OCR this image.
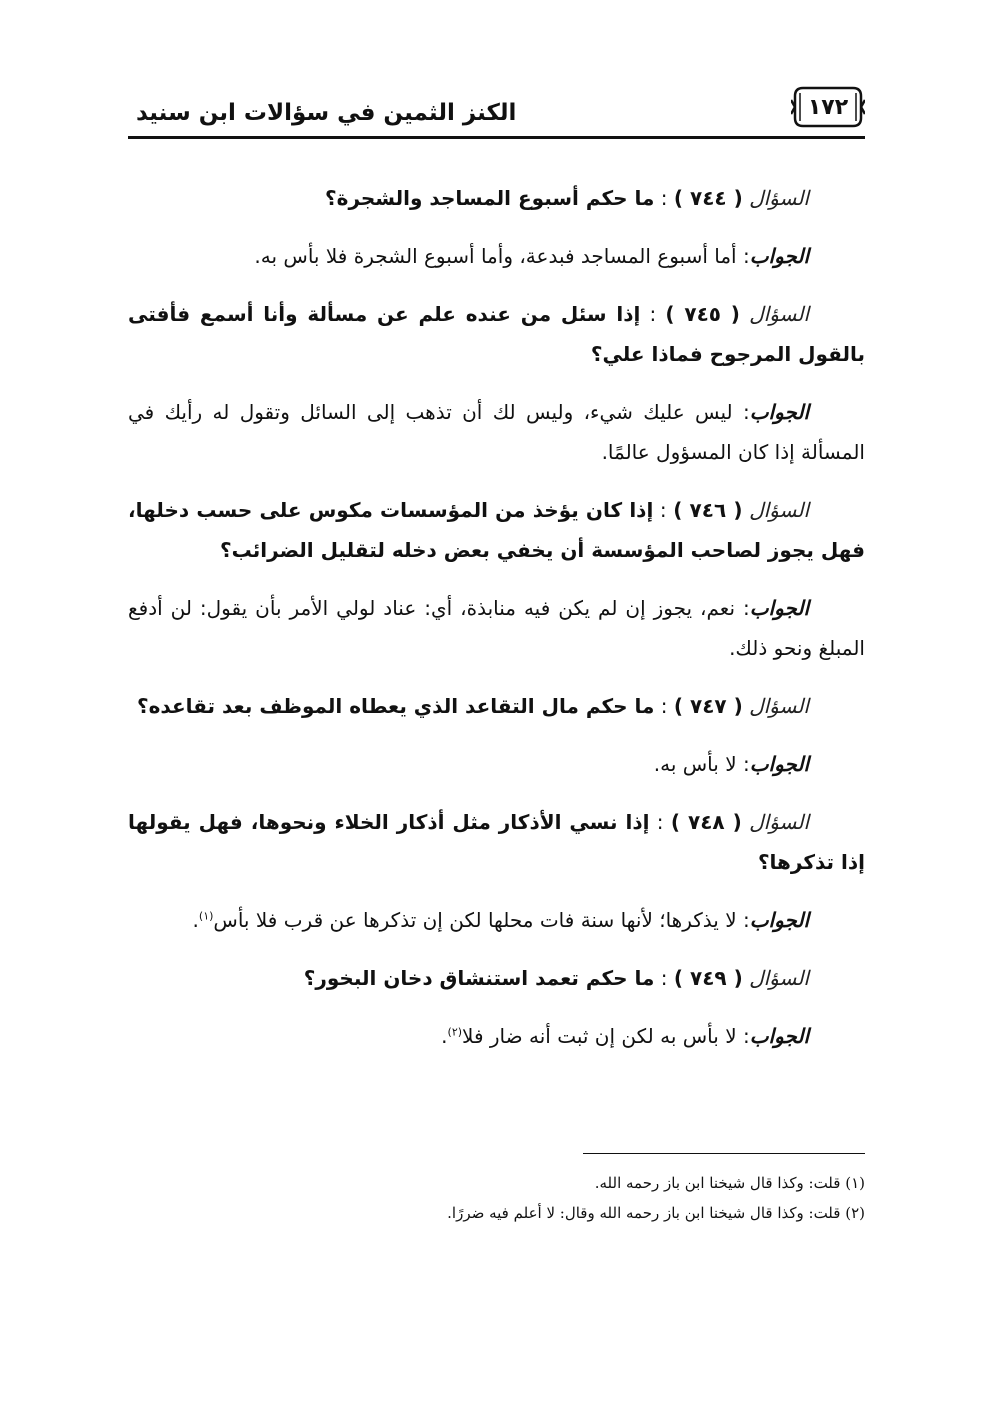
١٧٢
الكنز الثمين في سؤالات ابن سنيد

السؤال ( ٧٤٤ ) : ما حكم أسبوع المساجد والشجرة؟

الجواب: أما أسبوع المساجد فبدعة، وأما أسبوع الشجرة فلا بأس به.

السؤال ( ٧٤٥ ) : إذا سئل من عنده علم عن مسألة وأنا أسمع فأفتى بالقول المرجوح فماذا علي؟

الجواب: ليس عليك شيء، وليس لك أن تذهب إلى السائل وتقول له رأيك في المسألة إذا كان المسؤول عالمًا.

السؤال ( ٧٤٦ ) : إذا كان يؤخذ من المؤسسات مكوس على حسب دخلها، فهل يجوز لصاحب المؤسسة أن يخفي بعض دخله لتقليل الضرائب؟

الجواب: نعم، يجوز إن لم يكن فيه منابذة، أي: عناد لولي الأمر بأن يقول: لن أدفع المبلغ ونحو ذلك.

السؤال ( ٧٤٧ ) : ما حكم مال التقاعد الذي يعطاه الموظف بعد تقاعده؟

الجواب: لا بأس به.

السؤال ( ٧٤٨ ) : إذا نسي الأذكار مثل أذكار الخلاء ونحوها، فهل يقولها إذا تذكرها؟

الجواب: لا يذكرها؛ لأنها سنة فات محلها لكن إن تذكرها عن قرب فلا بأس$^{(١)}$.

السؤال ( ٧٤٩ ) : ما حكم تعمد استنشاق دخان البخور؟

الجواب: لا بأس به لكن إن ثبت أنه ضار فلا$^{(٢)}$.

(١) قلت: وكذا قال شيخنا ابن باز رحمه الله.
(٢) قلت: وكذا قال شيخنا ابن باز رحمه الله وقال: لا أعلم فيه ضررًا.
